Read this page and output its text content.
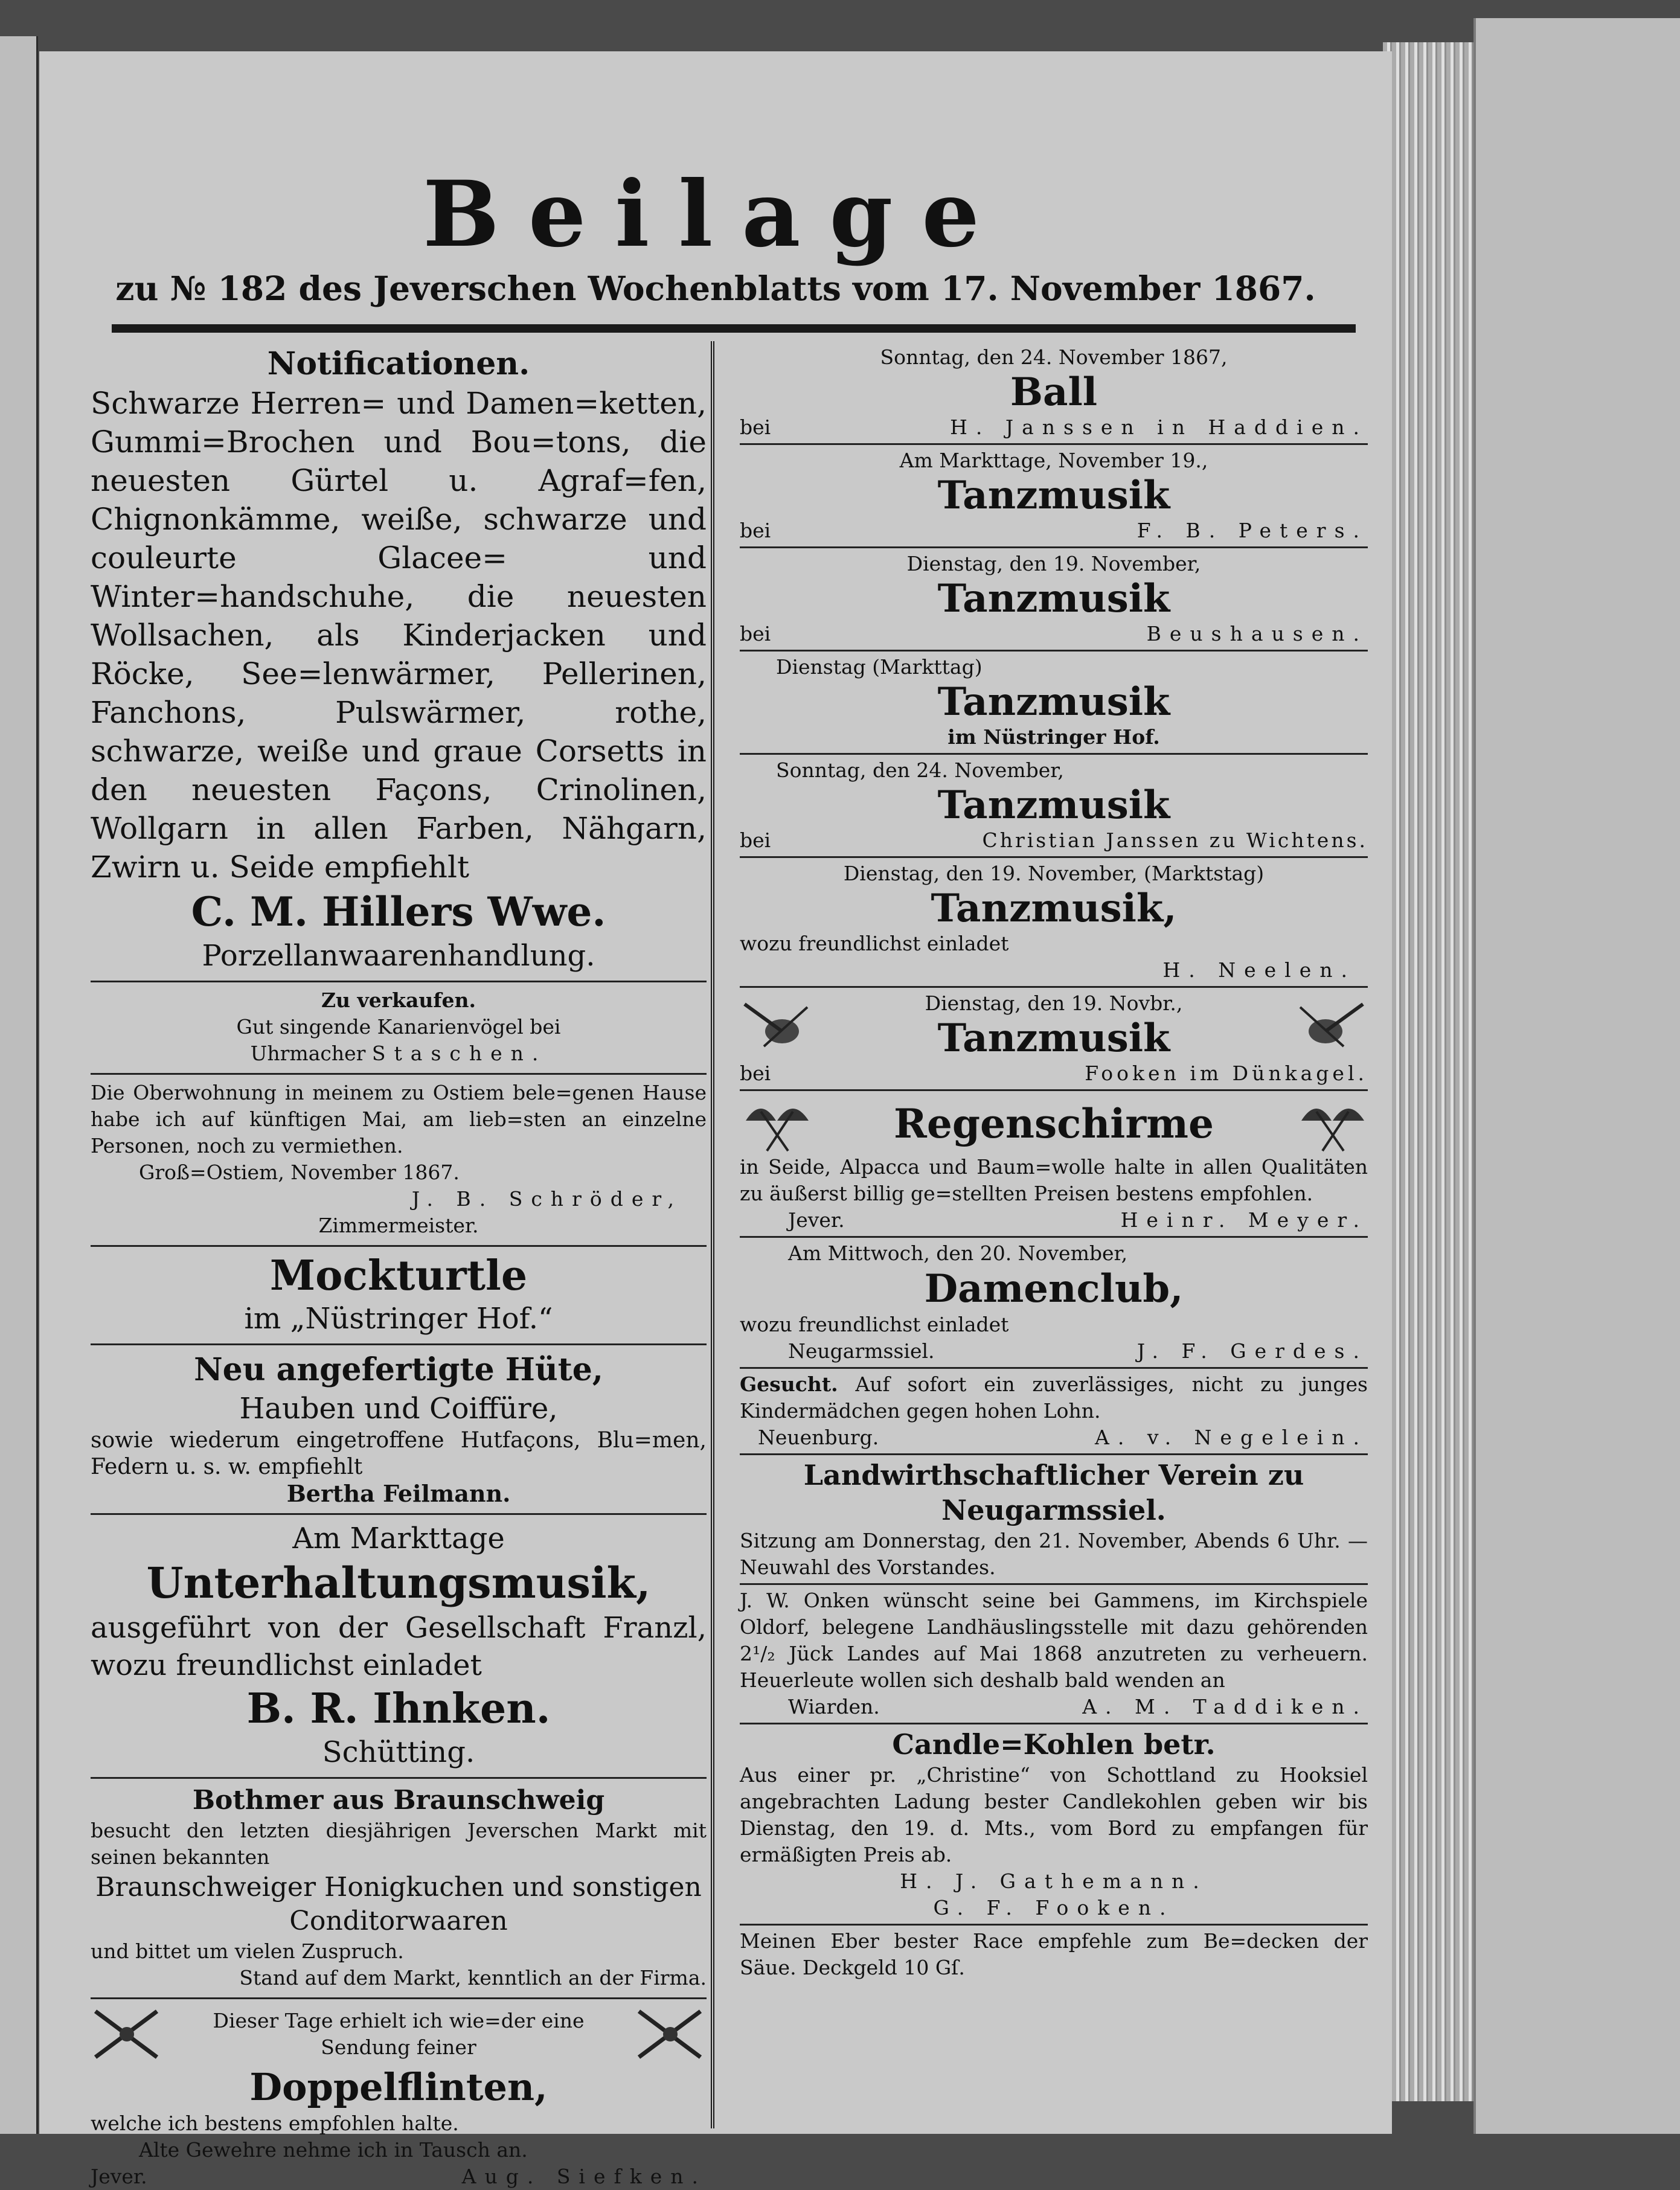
Beilage
zu № 182 des Jeverschen Wochenblatts vom 17. November 1867.
Notificationen.
Schwarze Herren= und Damen=ketten, Gummi=Brochen und Bou=tons, die neuesten Gürtel u. Agraf=fen, Chignonkämme, weiße, schwarze und couleurte Glacee= und Winter=handschuhe, die neuesten Wollsachen, als Kinderjacken und Röcke, See=lenwärmer, Pellerinen, Fanchons, Pulswärmer, rothe, schwarze, weiße und graue Corsetts in den neuesten Façons, Crinolinen, Wollgarn in allen Farben, Nähgarn, Zwirn u. Seide empfiehlt
C. M. Hillers Wwe.
Porzellanwaarenhandlung.
Zu verkaufen.
Gut singende Kanarienvögel bei
Uhrmacher Staschen.
Die Oberwohnung in meinem zu Ostiem bele=genen Hause habe ich auf künftigen Mai, am lieb=sten an einzelne Personen, noch zu vermiethen.
Groß=Ostiem, November 1867.
J. B. Schröder,
Zimmermeister.
Mockturtle
im „Nüstringer Hof.“
Neu angefertigte Hüte,
Hauben und Coiffüre,
sowie wiederum eingetroffene Hutfaçons, Blu=men, Federn u. s. w. empfiehlt
Bertha Feilmann.
Am Markttage
Unterhaltungsmusik,
ausgeführt von der Gesellschaft Franzl, wozu freundlichst einladet
B. R. Ihnken.
Schütting.
Bothmer aus Braunschweig
besucht den letzten diesjährigen Jeverschen Markt mit seinen bekannten
Braunschweiger Honigkuchen und sonstigen Conditorwaaren
und bittet um vielen Zuspruch.
Stand auf dem Markt, kenntlich an der Firma.
Dieser Tage erhielt ich wie=der eine Sendung feiner
Doppelflinten,
welche ich bestens empfohlen halte.
Alte Gewehre nehme ich in Tausch an.
Jever.	Aug. Siefken.
Sonntag, den 24. November 1867,
Ball
bei	H. Janssen in Haddien.
Am Markttage, November 19.,
Tanzmusik
bei	F. B. Peters.
Dienstag, den 19. November,
Tanzmusik
bei	Beushausen.
Dienstag (Markttag)
Tanzmusik
im Nüstringer Hof.
Sonntag, den 24. November,
Tanzmusik
bei	Christian Janssen zu Wichtens.
Dienstag, den 19. November, (Marktstag)
Tanzmusik,
wozu freundlichst einladet
H. Neelen.
Dienstag, den 19. Novbr.,
Tanzmusik
bei	Fooken im Dünkagel.
Regenschirme
in Seide, Alpacca und Baum=wolle halte in allen Qualitäten zu äußerst billig ge=stellten Preisen bestens empfohlen.
Jever.	Heinr. Meyer.
Am Mittwoch, den 20. November,
Damenclub,
wozu freundlichst einladet
Neugarmssiel.	J. F. Gerdes.
Gesucht. Auf sofort ein zuverlässiges, nicht zu junges Kindermädchen gegen hohen Lohn.
Neuenburg.	A. v. Negelein.
Landwirthschaftlicher Verein zu Neugarmssiel.
Sitzung am Donnerstag, den 21. November, Abends 6 Uhr. — Neuwahl des Vorstandes.
J. W. Onken wünscht seine bei Gammens, im Kirchspiele Oldorf, belegene Landhäuslingsstelle mit dazu gehörenden 2¹/₂ Jück Landes auf Mai 1868 anzutreten zu verheuern. Heuerleute wollen sich deshalb bald wenden an
Wiarden.	A. M. Taddiken.
Candle=Kohlen betr.
Aus einer pr. „Christine“ von Schottland zu Hooksiel angebrachten Ladung bester Candlekohlen geben wir bis Dienstag, den 19. d. Mts., vom Bord zu empfangen für ermäßigten Preis ab.
H. J. Gathemann.
G. F. Fooken.
Meinen Eber bester Race empfehle zum Be=decken der Säue. Deckgeld 10 Gſ.
